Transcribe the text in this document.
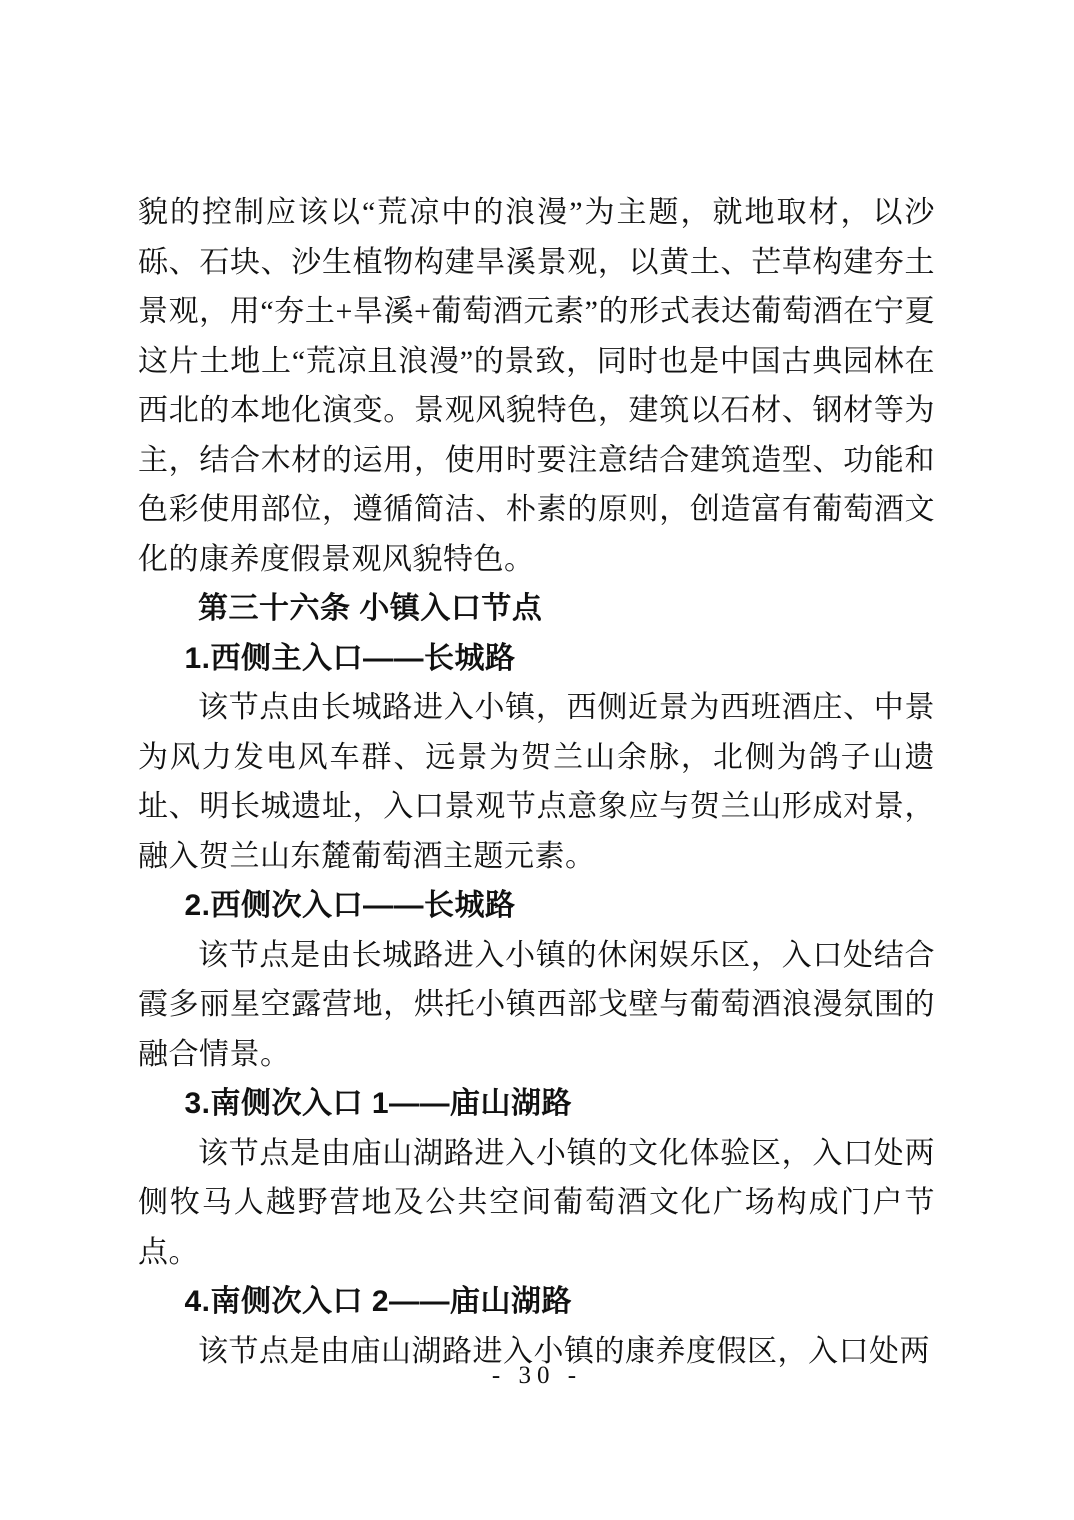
貌的控制应该以“荒凉中的浪漫”为主题，就地取材，以沙砾、石块、沙生植物构建旱溪景观，以黄土、芒草构建夯土景观，用“夯土+旱溪+葡萄酒元素”的形式表达葡萄酒在宁夏这片土地上“荒凉且浪漫”的景致，同时也是中国古典园林在西北的本地化演变。景观风貌特色，建筑以石材、钢材等为主，结合木材的运用，使用时要注意结合建筑造型、功能和色彩使用部位，遵循简洁、朴素的原则，创造富有葡萄酒文化的康养度假景观风貌特色。

第三十六条 小镇入口节点

1.西侧主入口——长城路

该节点由长城路进入小镇，西侧近景为西班酒庄、中景为风力发电风车群、远景为贺兰山余脉，北侧为鸽子山遗址、明长城遗址，入口景观节点意象应与贺兰山形成对景，融入贺兰山东麓葡萄酒主题元素。

2.西侧次入口——长城路

该节点是由长城路进入小镇的休闲娱乐区，入口处结合霞多丽星空露营地，烘托小镇西部戈壁与葡萄酒浪漫氛围的融合情景。

3.南侧次入口 1——庙山湖路

该节点是由庙山湖路进入小镇的文化体验区，入口处两侧牧马人越野营地及公共空间葡萄酒文化广场构成门户节点。

4.南侧次入口 2——庙山湖路

该节点是由庙山湖路进入小镇的康养度假区，入口处两

- 30 -
